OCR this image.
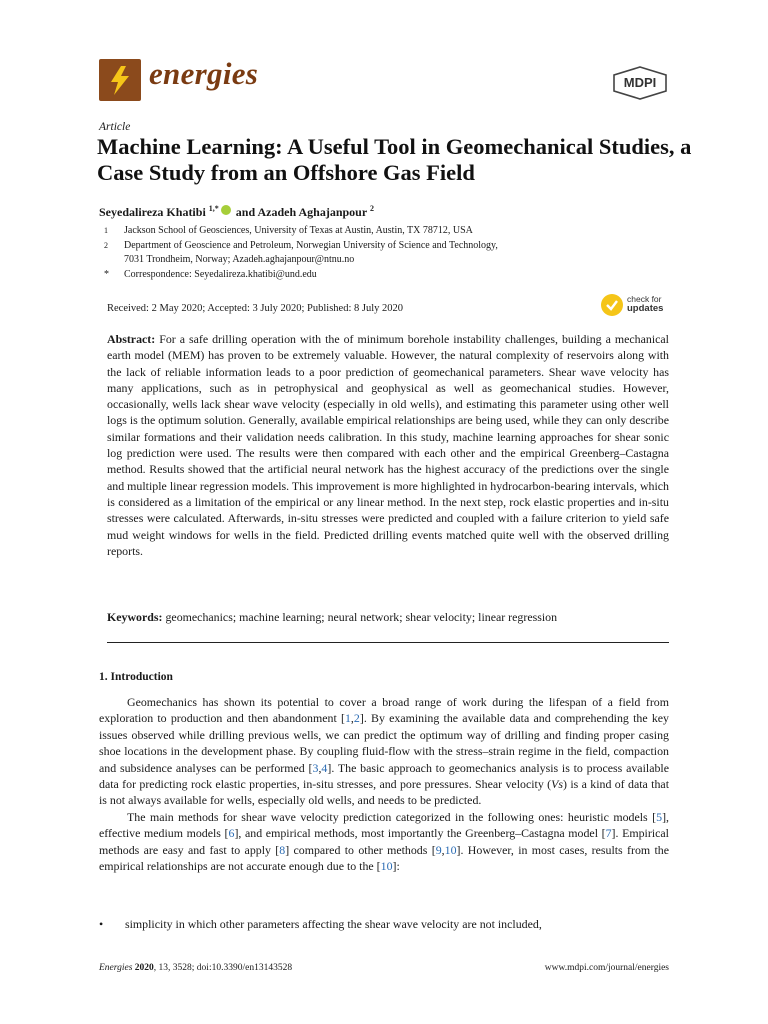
energies	MDPI
Article
Machine Learning: A Useful Tool in Geomechanical Studies, a Case Study from an Offshore Gas Field
Seyedalireza Khatibi $^{1,*}$ and Azadeh Aghajanpour $^2$
1	Jackson School of Geosciences, University of Texas at Austin, Austin, TX 78712, USA
2	Department of Geoscience and Petroleum, Norwegian University of Science and Technology,
7031 Trondheim, Norway; Azadeh.aghajanpour@ntnu.no
*	Correspondence: Seyedalireza.khatibi@und.edu
Received: 2 May 2020; Accepted: 3 July 2020; Published: 8 July 2020
check for
updates
Abstract: For a safe drilling operation with the of minimum borehole instability challenges, building a mechanical earth model (MEM) has proven to be extremely valuable. However, the natural complexity of reservoirs along with the lack of reliable information leads to a poor prediction of geomechanical parameters. Shear wave velocity has many applications, such as in petrophysical and geophysical as well as geomechanical studies. However, occasionally, wells lack shear wave velocity (especially in old wells), and estimating this parameter using other well logs is the optimum solution. Generally, available empirical relationships are being used, while they can only describe similar formations and their validation needs calibration. In this study, machine learning approaches for shear sonic log prediction were used. The results were then compared with each other and the empirical Greenberg–Castagna method. Results showed that the artificial neural network has the highest accuracy of the predictions over the single and multiple linear regression models. This improvement is more highlighted in hydrocarbon-bearing intervals, which is considered as a limitation of the empirical or any linear method. In the next step, rock elastic properties and in-situ stresses were calculated. Afterwards, in-situ stresses were predicted and coupled with a failure criterion to yield safe mud weight windows for wells in the field. Predicted drilling events matched quite well with the observed drilling reports.
Keywords: geomechanics; machine learning; neural network; shear velocity; linear regression
1. Introduction

Geomechanics has shown its potential to cover a broad range of work during the lifespan of a field from exploration to production and then abandonment [1,2]. By examining the available data and comprehending the key issues observed while drilling previous wells, we can predict the optimum way of drilling and finding proper casing shoe locations in the development phase. By coupling fluid-flow with the stress–strain regime in the field, compaction and subsidence analyses can be performed [3,4]. The basic approach to geomechanics analysis is to process available data for predicting rock elastic properties, in-situ stresses, and pore pressures. Shear velocity (Vs) is a kind of data that is not always available for wells, especially old wells, and needs to be predicted.

The main methods for shear wave velocity prediction categorized in the following ones: heuristic models [5], effective medium models [6], and empirical methods, most importantly the Greenberg–Castagna model [7]. Empirical methods are easy and fast to apply [8] compared to other methods [9,10]. However, in most cases, results from the empirical relationships are not accurate enough due to the [10]:

•	simplicity in which other parameters affecting the shear wave velocity are not included,
Energies 2020, 13, 3528; doi:10.3390/en13143528	www.mdpi.com/journal/energies
